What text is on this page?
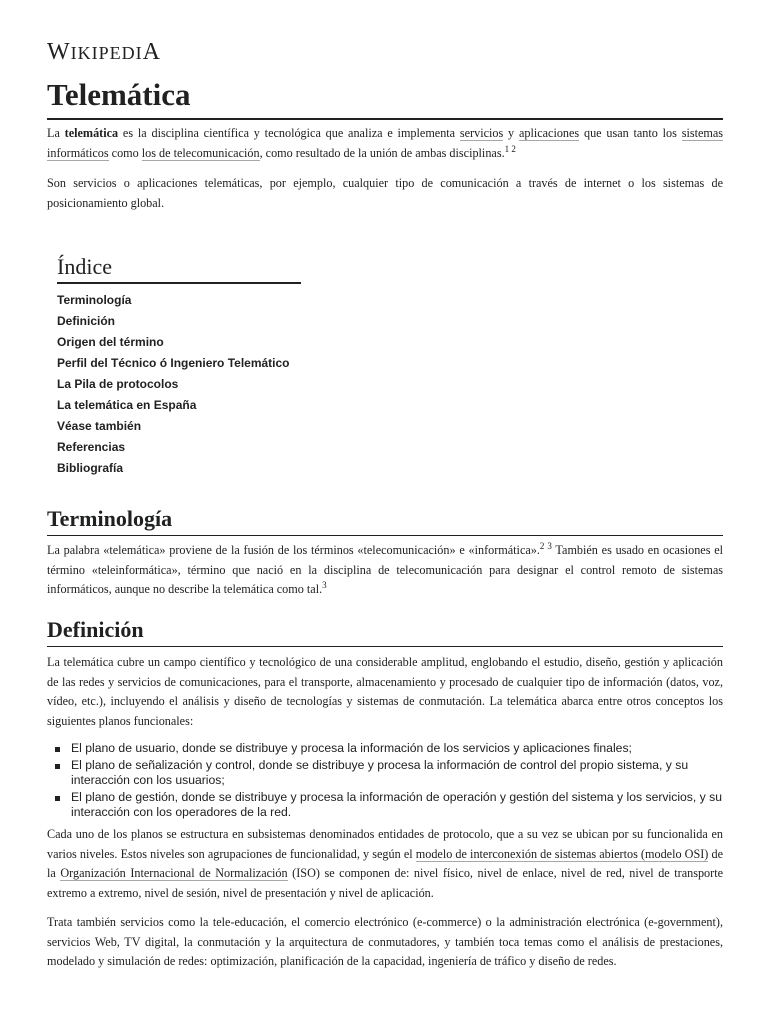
WIKIPEDIA
Telemática

La telemática es la disciplina científica y tecnológica que analiza e implementa servicios y aplicaciones que usan tanto los sistemas informáticos como los de telecomunicación, como resultado de la unión de ambas disciplinas.$^{1 2}$

Son servicios o aplicaciones telemáticas, por ejemplo, cualquier tipo de comunicación a través de internet o los sistemas de posicionamiento global.

Índice
Terminología
Definición
Origen del término
Perfil del Técnico ó Ingeniero Telemático
La Pila de protocolos
La telemática en España
Véase también
Referencias
Bibliografía
Terminología

La palabra «telemática» proviene de la fusión de los términos «telecomunicación» e «informática».$^{2 3}$ También es usado en ocasiones el término «teleinformática», término que nació en la disciplina de telecomunicación para designar el control remoto de sistemas informáticos, aunque no describe la telemática como tal.$^3$

Definición

La telemática cubre un campo científico y tecnológico de una considerable amplitud, englobando el estudio, diseño, gestión y aplicación de las redes y servicios de comunicaciones, para el transporte, almacenamiento y procesado de cualquier tipo de información (datos, voz, vídeo, etc.), incluyendo el análisis y diseño de tecnologías y sistemas de conmutación. La telemática abarca entre otros conceptos los siguientes planos funcionales:

El plano de usuario, donde se distribuye y procesa la información de los servicios y aplicaciones finales;
El plano de señalización y control, donde se distribuye y procesa la información de control del propio sistema, y su interacción con los usuarios;
El plano de gestión, donde se distribuye y procesa la información de operación y gestión del sistema y los servicios, y su interacción con los operadores de la red.

Cada uno de los planos se estructura en subsistemas denominados entidades de protocolo, que a su vez se ubican por su funcionalida en varios niveles. Estos niveles son agrupaciones de funcionalidad, y según el modelo de interconexión de sistemas abiertos (modelo OSI) de la Organización Internacional de Normalización (ISO) se componen de: nivel físico, nivel de enlace, nivel de red, nivel de transporte extremo a extremo, nivel de sesión, nivel de presentación y nivel de aplicación.

Trata también servicios como la tele-educación, el comercio electrónico (e-commerce) o la administración electrónica (e-government), servicios Web, TV digital, la conmutación y la arquitectura de conmutadores, y también toca temas como el análisis de prestaciones, modelado y simulación de redes: optimización, planificación de la capacidad, ingeniería de tráfico y diseño de redes.
